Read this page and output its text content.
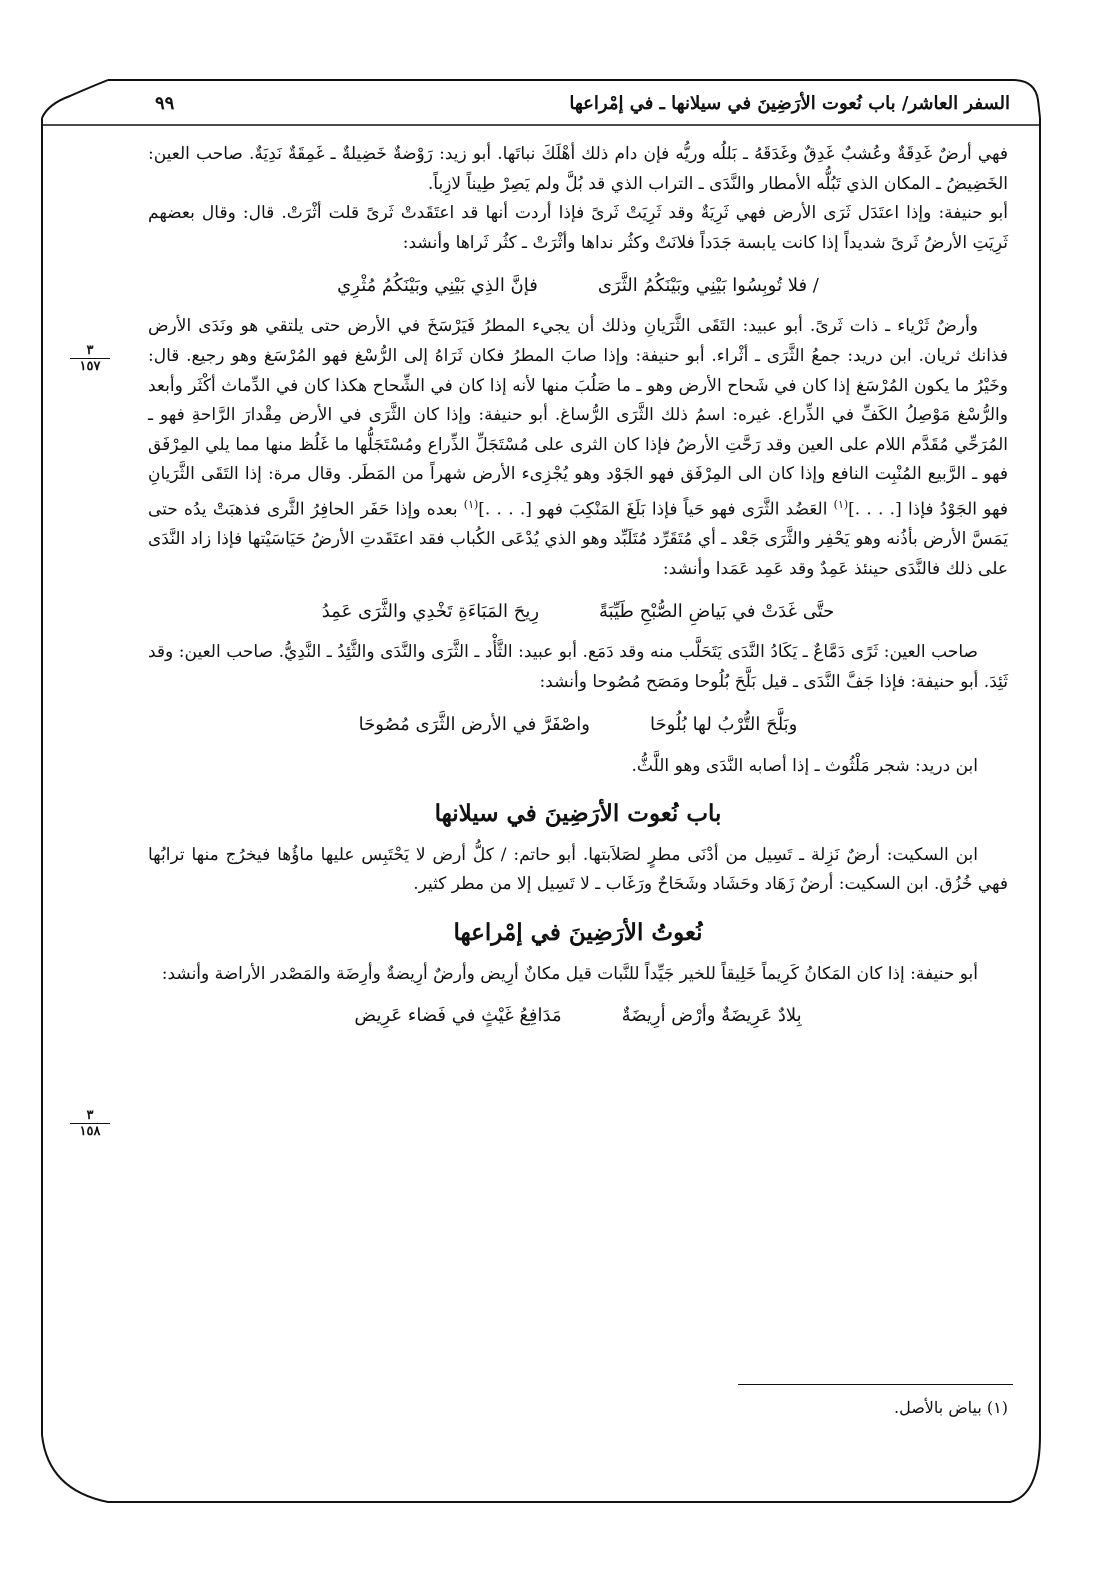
السفر العاشر/ باب نُعوت الأرَضِينَ في سيلانها ـ في إمْراعها
٩٩
٣
١٥٧
٣
١٥٨

فهي أرضٌ غَدِقَةٌ وعُشبٌ غَدِقٌ وغَدَقَهُ ـ بَللُه وريُّه فإن دام ذلك أهْلَكَ نباتَها. أبو زيد: رَوْضةٌ خَضِيلةٌ ـ غَمِقَةٌ نَدِيَةٌ. صاحب العين: الخَضِيضُ ـ المكان الذي تَبُلُّه الأمطار والنَّدَى ـ التراب الذي قد بُلَّ ولم يَصِرْ طِيناً لازِباً.

أبو حنيفة: وإذا اعتَدَل ثَرَى الأرض فهي ثَرِيَةٌ وقد ثَرِيَتْ ثَرىً فإذا أردت أنها قد اعتَقَدتْ ثَرىً قلت أثْرَتْ. قال: وقال بعضهم ثَرِيَتِ الأرضُ ثَرىً شديداً إذا كانت يابسة جَدَداً فلانَتْ وكثُر نداها وأثْرَتْ ـ كثُر ثَراها وأنشد:

/ فلا تُوبِسُوا بَيْنِي وبَيْنَكُمُ الثَّرَى
فإنَّ الذِي بَيْنِي وبَيْنَكُمُ مُثْرِي

وأرضٌ ثَرْياء ـ ذات ثَرىً. أبو عبيد: التَقَى الثَّرَيانِ وذلك أن يجيء المطرُ فَيَرْسَخَ في الأرض حتى يلتقي هو ونَدَى الأرض فذانك ثريان. ابن دريد: جمعُ الثَّرَى ـ أثْراء. أبو حنيفة: وإذا صابَ المطرُ فكان ثَرَاهُ إلى الرُّسْغ فهو المُرْسَغ وهو رجيع. قال: وخَيْرُ ما يكون المُرْسَغ إذا كان في شَحاح الأرض وهو ـ ما صَلُبَ منها لأنه إذا كان في الشِّحاح هكذا كان في الدِّماث أكْثَر وأبعد والرُّسْغ مَوْصِلُ الكَفِّ في الذِّراع. غيره: اسمُ ذلك الثَّرَى الرُّساغ. أبو حنيفة: وإذا كان الثَّرَى في الأرض مِقْدارَ الرَّاحةِ فهو ـ المُرَحِّي مُقَدَّم اللام على العين وقد رَحَّتِ الأرضُ فإذا كان الثرى على مُسْتَجَلِّ الذِّراع ومُسْتَجَلُّها ما غَلُظ منها مما يلي المِرْفَق فهو ـ الرَّبيع المُنْبِت النافع وإذا كان الى المِرْفَق فهو الجَوْد وهو يُجْزِىء الأرض شهراً من المَطَر. وقال مرة: إذا التَقَى الثَّرَيانِ فهو الجَوْدُ فإذا [. . . .]$^{(١)}$ العَضُد الثَّرَى فهو حَياً فإذا بَلَغَ المَنْكِبَ فهو [. . . .]$^{(١)}$ بعده وإذا حَفَر الحافِرُ الثَّرى فذهبَتْ يدُه حتى يَمَسَّ الأرض بأذُنه وهو يَحْفِر والثَّرَى جَعْد ـ أي مُتَقَرِّد مُتَلَبِّد وهو الذي يُدْعَى الكُباب فقد اعتَقَدتِ الأرضُ حَيَاسَيْتها فإذا زاد النَّدَى على ذلك فالنَّدَى حينئذ عَمِدٌ وقد عَمِد عَمَدا وأنشد:

حتَّى غَدَتْ في بَياضِ الصُّبْحِ طَيِّبَةً
رِيحَ المَبَاءَةِ تَخْدِي والثَّرَى عَمِدُ

صاحب العين: ثَرًى دَمَّاعٌ ـ يَكَادُ النَّدَى يَتَحَلَّب منه وقد دَمَع. أبو عبيد: الثَّأْد ـ الثَّرَى والنَّدَى والثَّئِدُ ـ النَّدِيُّ. صاحب العين: وقد ثَئِدَ. أبو حنيفة: فإذا جَفَّ النَّدَى ـ قيل بَلَّحَ بُلُوحا ومَصَح مُصُوحا وأنشد:

وبَلَّحَ التُّرْبُ لها بُلُوحَا
واصْفَرَّ في الأرض الثَّرَى مُصُوحَا

ابن دريد: شجر مَلْثُوث ـ إذا أصابه النَّدَى وهو اللَّثُّ.

باب نُعوت الأرَضِينَ في سيلانها

ابن السكيت: أرضٌ نَزِلة ـ تَسِيل من أدْنَى مطرٍ لصَلاَبتها. أبو حاتم: / كلُّ أرض لا يَحْتَبِس عليها ماؤُها فيخرُج منها ترابُها فهي خُزُق. ابن السكيت: أرضٌ زَهَاد وحَشَاد وشَحَاحٌ ورَغَاب ـ لا تَسِيل إلا من مطر كثير.

نُعوتُ الأرَضِينَ في إمْراعها

أبو حنيفة: إذا كان المَكانُ كَرِيماً خَلِيقاً للخير جَيِّداً للنَّبات قيل مكانٌ أرِيض وأرضٌ أرِيضةٌ وأرِضَة والمَصْدر الأراضة وأنشد:

بِلادٌ عَرِيضَةٌ وأرْض أرِيضَةٌ
مَدَافِعُ غَيْثٍ في فَضاء عَرِيض
(١) بياض بالأصل.
